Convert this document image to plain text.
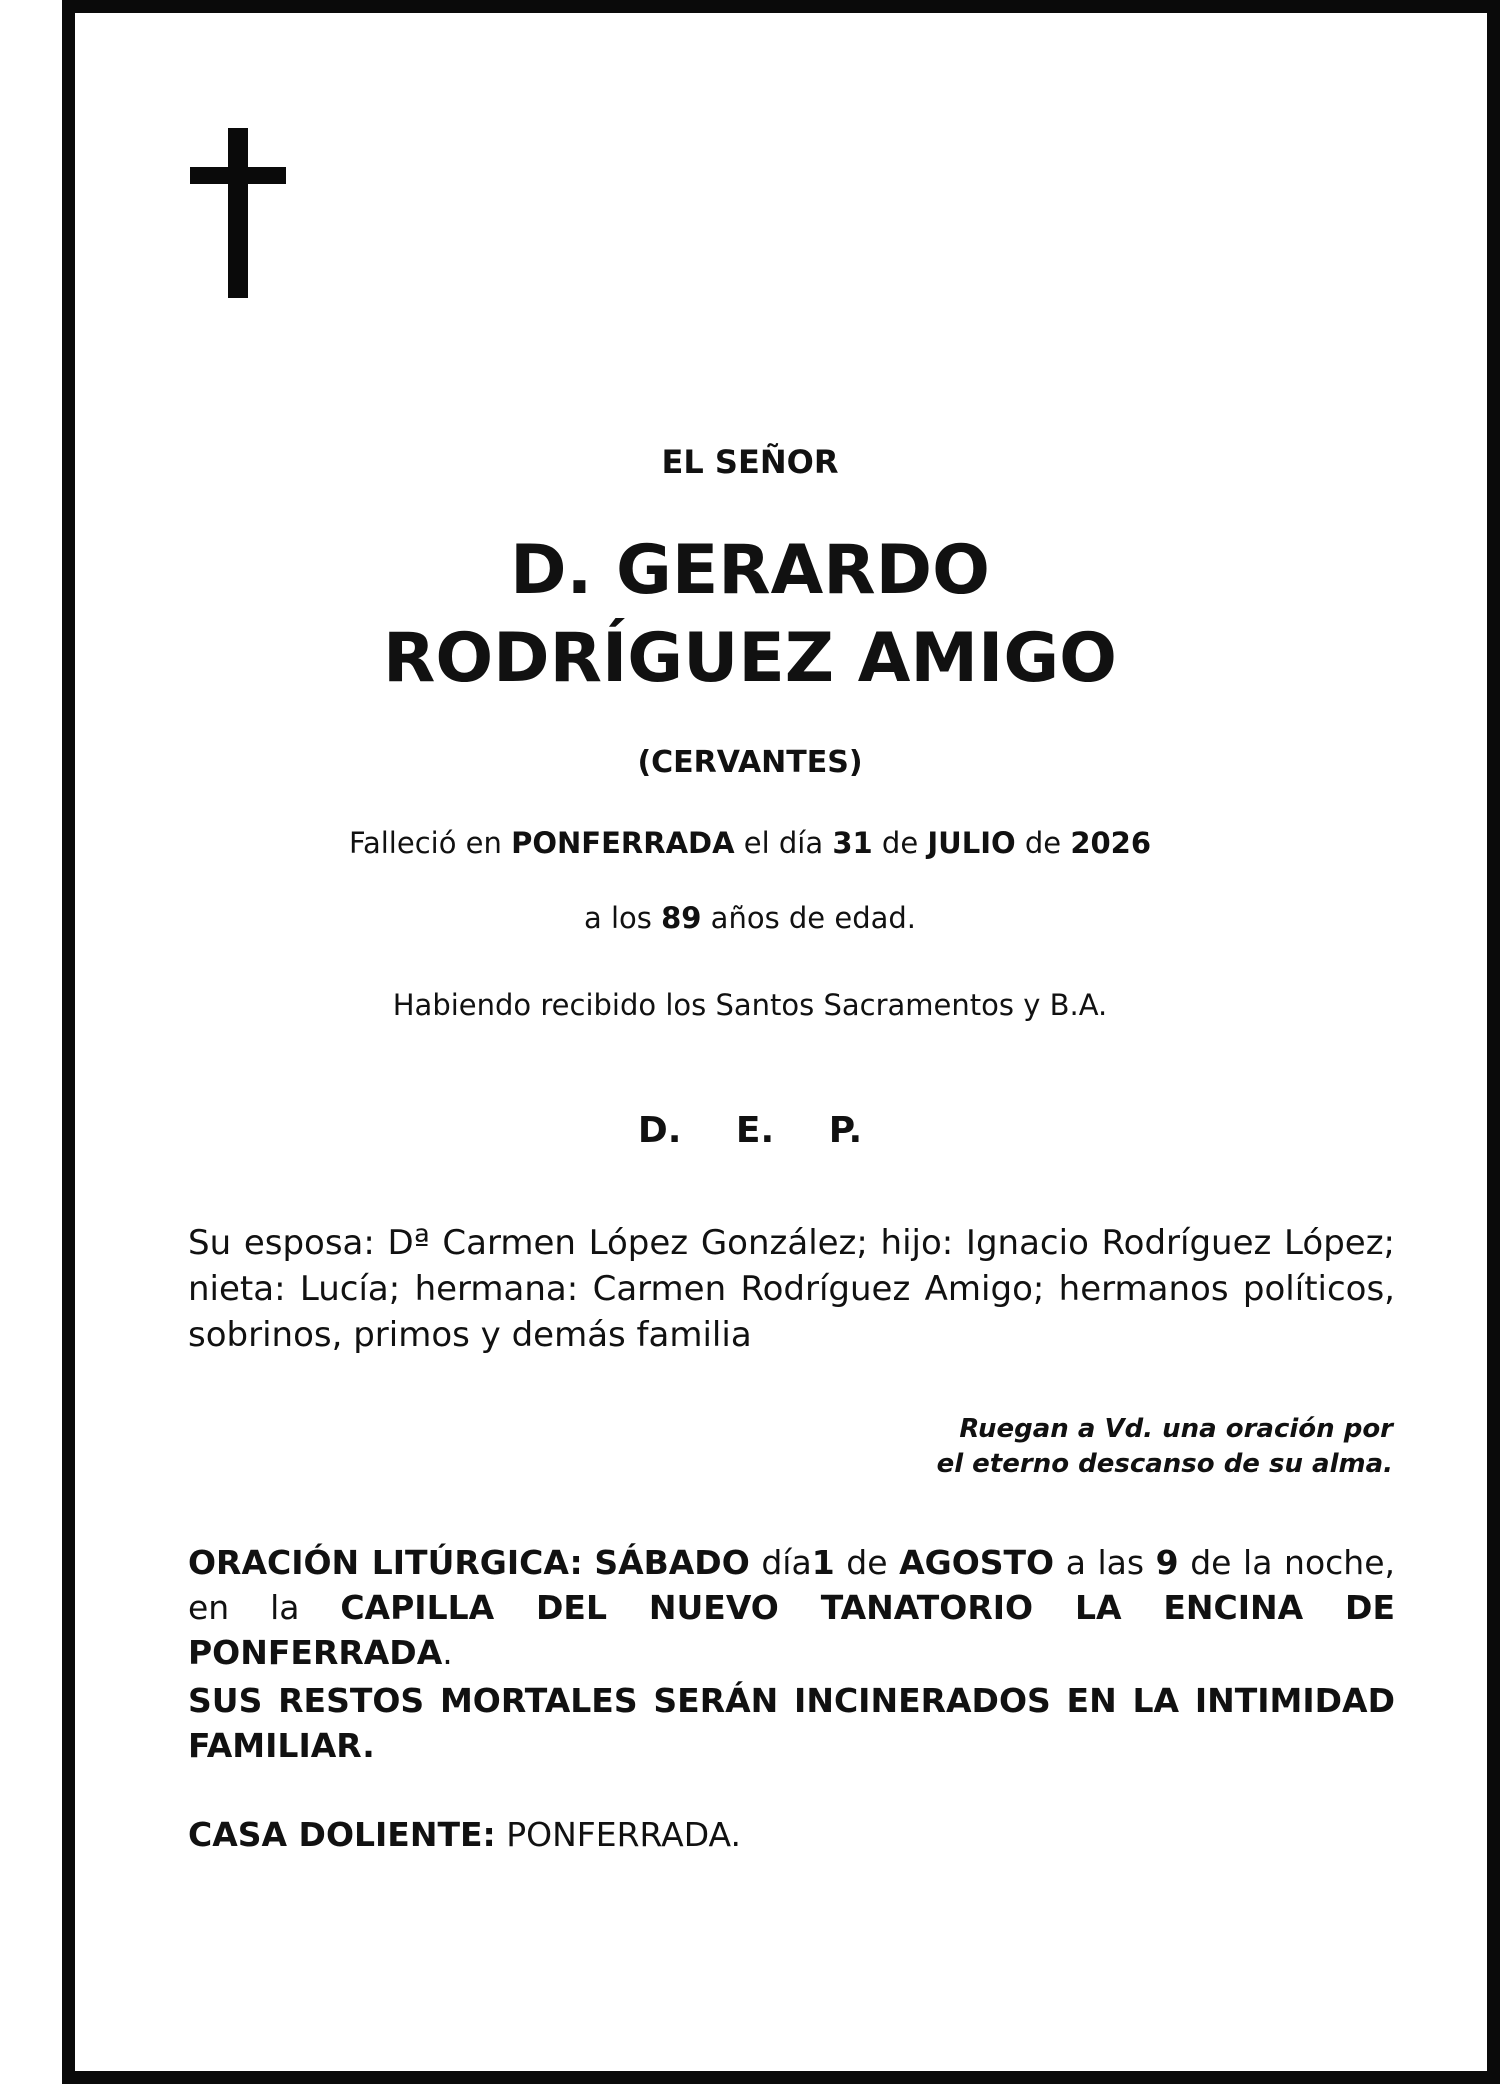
EL SEÑOR
D. GERARDO
RODRÍGUEZ AMIGO
(CERVANTES)
Falleció en PONFERRADA el día 31 de JULIO de 2026
a los 89 años de edad.
Habiendo recibido los Santos Sacramentos y B.A.
D. E. P.
Su esposa: Dª Carmen López González; hijo: Ignacio Rodríguez López; nieta: Lucía; hermana: Carmen Rodríguez Amigo; hermanos políticos, sobrinos, primos y demás familia
Ruegan a Vd. una oración por
el eterno descanso de su alma.
ORACIÓN LITÚRGICA: SÁBADO día1 de AGOSTO a las 9 de la noche, en la CAPILLA DEL NUEVO TANATORIO LA ENCINA DE PONFERRADA.
SUS RESTOS MORTALES SERÁN INCINERADOS EN LA INTIMIDAD FAMILIAR.
CASA DOLIENTE: PONFERRADA.
